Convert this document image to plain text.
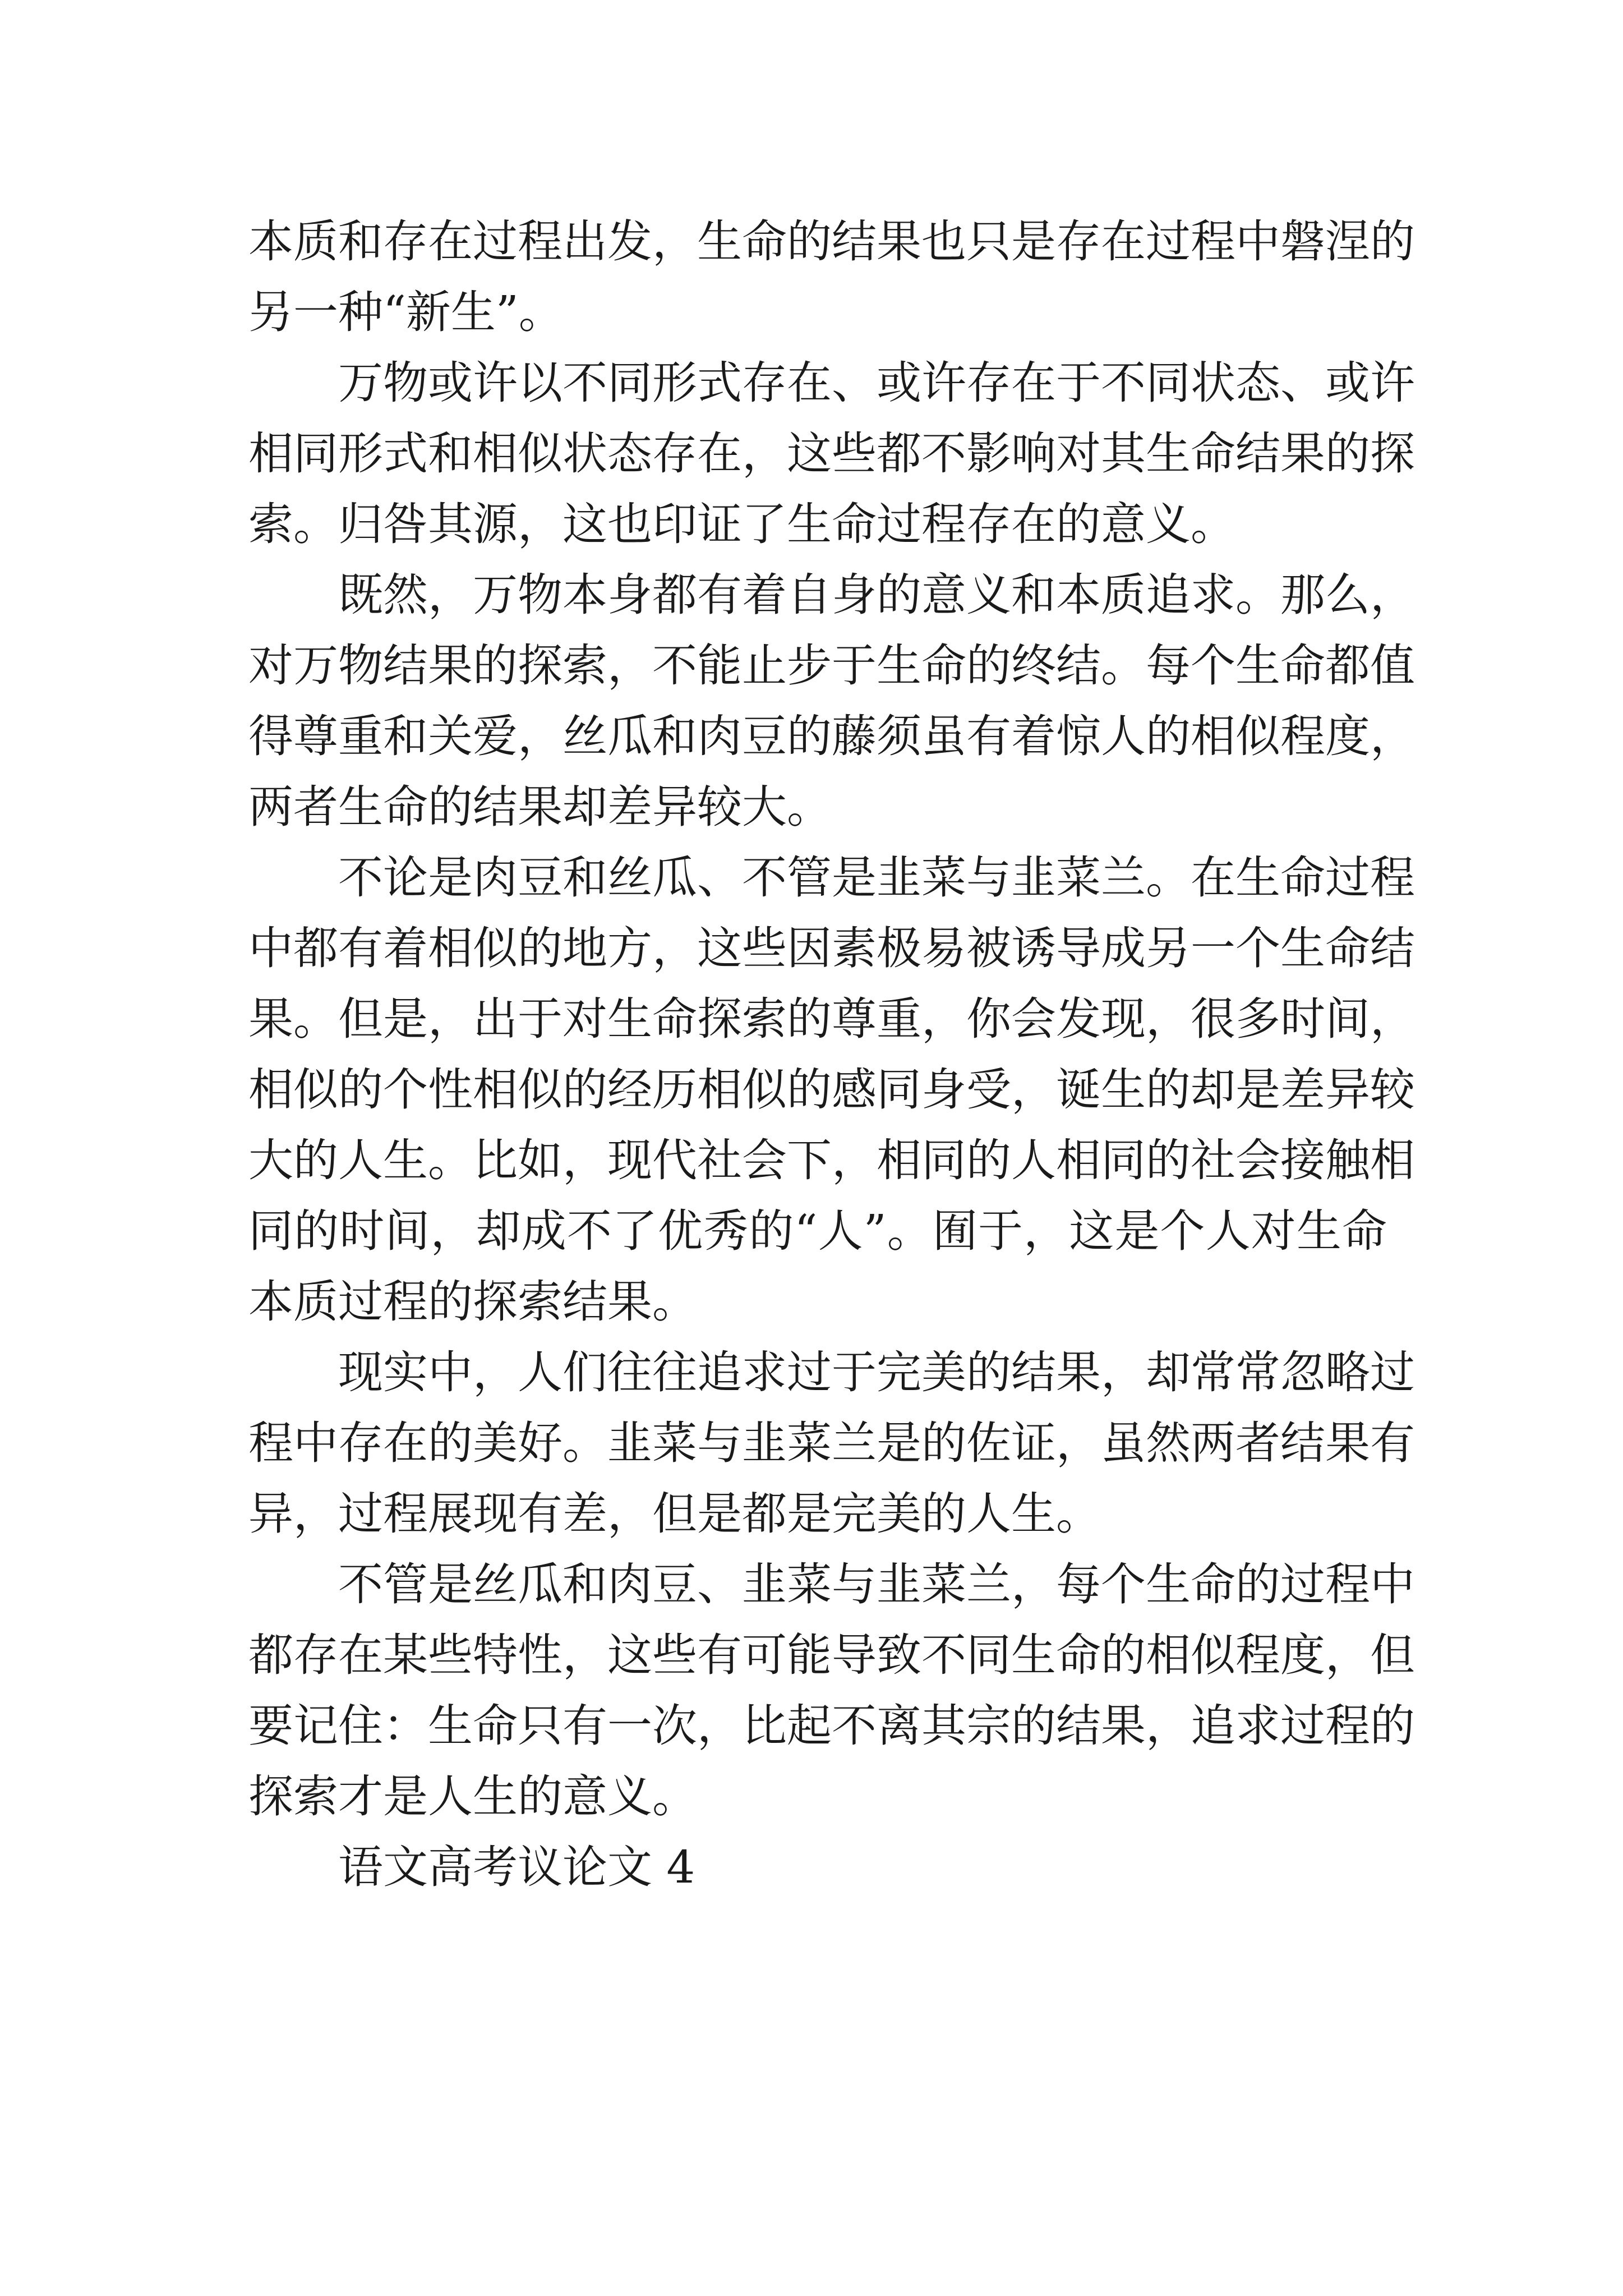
本质和存在过程出发，生命的结果也只是存在过程中磐涅的
另一种“新生”。
万物或许以不同形式存在、或许存在于不同状态、或许
相同形式和相似状态存在，这些都不影响对其生命结果的探
索。归咎其源，这也印证了生命过程存在的意义。
既然，万物本身都有着自身的意义和本质追求。那么，
对万物结果的探索，不能止步于生命的终结。每个生命都值
得尊重和关爱，丝瓜和肉豆的藤须虽有着惊人的相似程度，
两者生命的结果却差异较大。
不论是肉豆和丝瓜、不管是韭菜与韭菜兰。在生命过程
中都有着相似的地方，这些因素极易被诱导成另一个生命结
果。但是，出于对生命探索的尊重，你会发现，很多时间，
相似的个性相似的经历相似的感同身受，诞生的却是差异较
大的人生。比如，现代社会下，相同的人相同的社会接触相
同的时间，却成不了优秀的“人”。囿于，这是个人对生命
本质过程的探索结果。
现实中，人们往往追求过于完美的结果，却常常忽略过
程中存在的美好。韭菜与韭菜兰是的佐证，虽然两者结果有
异，过程展现有差，但是都是完美的人生。
不管是丝瓜和肉豆、韭菜与韭菜兰，每个生命的过程中
都存在某些特性，这些有可能导致不同生命的相似程度，但
要记住：生命只有一次，比起不离其宗的结果，追求过程的
探索才是人生的意义。
语文高考议论文 4
